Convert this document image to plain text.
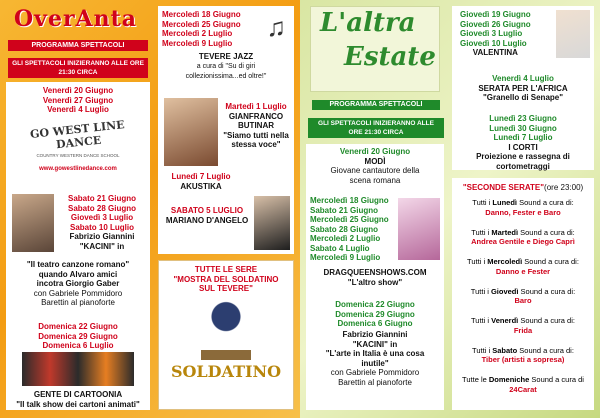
OverAnta
PROGRAMMA SPETTACOLI
GLI SPETTACOLI INIZIERANNO ALLE ORE 21:30 CIRCA
Venerdì 20 Giugno
Venerdì 27 Giugno
Venerdì 4 Luglio
GO WEST LINE DANCE
COUNTRY WESTERN DANCE SCHOOL
www.gowestlinedance.com
Sabato 21 Giugno
Sabato 28 Giugno
Giovedì 3 Luglio
Sabato 10 Luglio
Fabrizio Giannini
"KACINI" in
"Il teatro canzone romano"
quando Alvaro amici
incotra Giorgio Gaber
con Gabriele Pommidoro
Barettin al pianoforte
Domenica 22 Giugno
Domenica 29 Giugno
Domenica 6 Luglio
GENTE DI CARTOONIA
"Il talk show dei cartoni animati"
Mercoledì 18 Giugno
Mercoledì 25 Giugno
Mercoledì 2 Luglio
Mercoledì 9 Luglio
♫
TEVERE JAZZ
a cura di "Su di giri collezionissima...ed oltre!"
Martedì 1 Luglio
GIANFRANCO BUTINAR
"Siamo tutti nella stessa voce"
Lunedì 7 Luglio
AKUSTIKA
SABATO 5 LUGLIO
MARIANO D'ANGELO
TUTTE LE SERE
"MOSTRA DEL SOLDATINO SUL TEVERE"
SOLDATINO
L'altra
Estate
PROGRAMMA SPETTACOLI
GLI SPETTACOLI INIZIERANNO ALLE ORE 21:30 CIRCA
Venerdì 20 Giugno
MODÌ
Giovane cantautore della scena romana
Mercoledì 18 Giugno
Sabato 21 Giugno
Mercoledì 25 Giugno
Sabato 28 Giugno
Mercoledì 2 Luglio
Sabato 4 Luglio
Mercoledì 9 Luglio
DRAGQUEENSHOWS.COM
"L'altro show"
Domenica 22 Giugno
Domenica 29 Giugno
Domenica 6 Giugno
Fabrizio Giannini
"KACINI" in
"L'arte in Italia è una cosa inutile"
con Gabriele Pommidoro
Barettin al pianoforte
Giovedì 19 Giugno
Giovedì 26 Giugno
Giovedì 3 Luglio
Giovedì 10 Luglio
VALENTINA
Venerdì 4 Luglio
SERATA PER L'AFRICA
"Granello di Senape"
Lunedì 23 Giugno
Lunedì 30 Giugno
Lunedì 7 Luglio
I CORTI
Proiezione e rassegna di cortometraggi
"SECONDE SERATE"(ore 23:00)
Tutti i Lunedì Sound a cura di:
Danno, Fester e Baro
Tutti i Martedì Sound a cura di:
Andrea Gentile e Diego Caprì
Tutti i Mercoledì Sound a cura di:
Danno e Fester
Tutti i Giovedì Sound a cura di:
Baro
Tutti i Venerdì Sound a cura di:
Frida
Tutti i Sabato Sound a cura di:
Tiber (artisti a sopresa)
Tutte le Domeniche Sound a cura di
24Carat
